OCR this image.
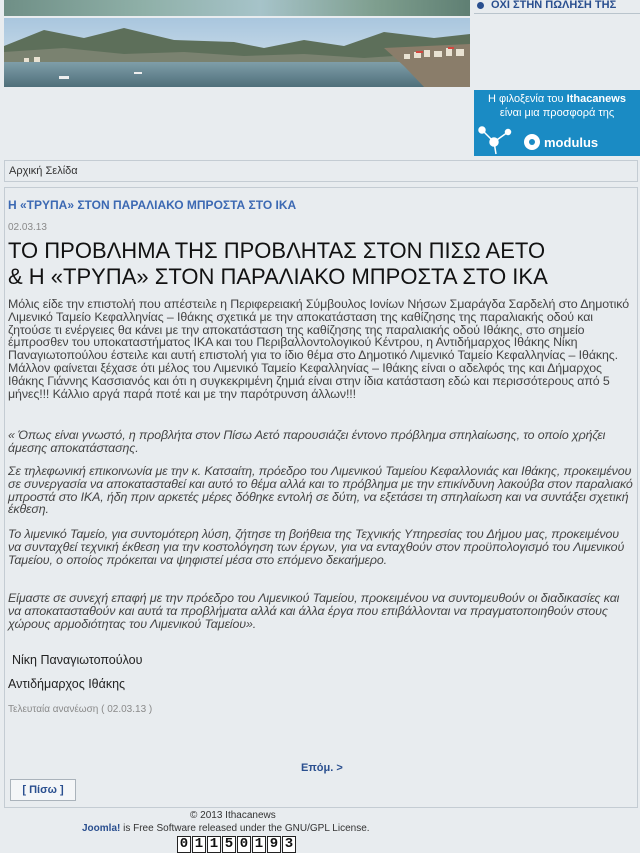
ΟΧΙ ΣΤΗΝ ΠΩΛΗΣΗ ΤΗΣ
Η φιλοξενία του Ithacanews
είναι μια προσφορά της
modulus
Αρχική Σελίδα
Η «ΤΡΥΠΑ» ΣΤΟΝ ΠΑΡΑΛΙΑΚΟ ΜΠΡΟΣΤΑ ΣΤΟ ΙΚΑ
02.03.13
ΤΟ ΠΡΟΒΛΗΜΑ ΤΗΣ ΠΡΟΒΛΗΤΑΣ ΣΤΟΝ ΠΙΣΩ ΑΕΤΟ
& Η «ΤΡΥΠΑ» ΣΤΟΝ ΠΑΡΑΛΙΑΚΟ ΜΠΡΟΣΤΑ ΣΤΟ ΙΚΑ

Μόλις είδε την επιστολή που απέστειλε η Περιφερειακή Σύμβουλος Ιονίων Νήσων Σμαράγδα Σαρδελή στο Δημοτικό Λιμενικό Ταμείο Κεφαλληνίας – Ιθάκης σχετικά με την αποκατάσταση της καθίζησης της παραλιακής οδού και ζητούσε τι ενέργειες θα κάνει με την αποκατάσταση της καθίζησης της παραλιακής οδού Ιθάκης, στο σημείο έμπροσθεν του υποκαταστήματος ΙΚΑ και του Περιβαλλοντολογικού Κέντρου, η Αντιδήμαρχος Ιθάκης Νίκη Παναγιωτοπούλου έστειλε και αυτή επιστολή για το ίδιο θέμα στο Δημοτικό Λιμενικό Ταμείο Κεφαλληνίας – Ιθάκης. Μάλλον φαίνεται ξέχασε ότι μέλος του Λιμενικό Ταμείο Κεφαλληνίας – Ιθάκης είναι ο αδελφός της και Δήμαρχος Ιθάκης Γιάννης Κασσιανός και ότι η συγκεκριμένη ζημιά είναι στην ίδια κατάσταση εδώ και περισσότερους από 5 μήνες!!! Κάλλιο αργά παρά ποτέ και με την παρότρυνση άλλων!!!

« Όπως είναι γνωστό, η προβλήτα στον Πίσω Αετό παρουσιάζει έντονο πρόβλημα σπηλαίωσης, το οποίο χρήζει άμεσης αποκατάστασης.

Σε τηλεφωνική επικοινωνία με την κ. Κατσαίτη, πρόεδρο του Λιμενικού Ταμείου Κεφαλλονιάς και Ιθάκης, προκειμένου σε συνεργασία να αποκατασταθεί και αυτό το θέμα αλλά και το πρόβλημα με την επικίνδυνη λακούβα στον παραλιακό μπροστά στο ΙΚΑ, ήδη πριν αρκετές μέρες δόθηκε εντολή σε δύτη, να εξετάσει τη σπηλαίωση και να συντάξει σχετική έκθεση.

Το λιμενικό Ταμείο, για συντομότερη λύση, ζήτησε τη βοήθεια της Τεχνικής Υπηρεσίας του Δήμου μας, προκειμένου να συνταχθεί τεχνική έκθεση για την κοστολόγηση των έργων, για να ενταχθούν στον προϋπολογισμό του Λιμενικού Ταμείου, ο οποίος πρόκειται να ψηφιστεί μέσα στο επόμενο δεκαήμερο.

Είμαστε σε συνεχή επαφή με την πρόεδρο του Λιμενικού Ταμείου, προκειμένου να συντομευθούν οι διαδικασίες και να αποκατασταθούν και αυτά τα προβλήματα αλλά και άλλα έργα που επιβάλλονται να πραγματοποιηθούν στους χώρους αρμοδιότητας του Λιμενικού Ταμείου».

Νίκη Παναγιωτοπούλου
Αντιδήμαρχος Ιθάκης
Τελευταία ανανέωση ( 02.03.13 )
Επόμ. >
[ Πίσω ]
© 2013 Ithacanews
Joomla! is Free Software released under the GNU/GPL License.
0 1 1 5 0 1 9 3
